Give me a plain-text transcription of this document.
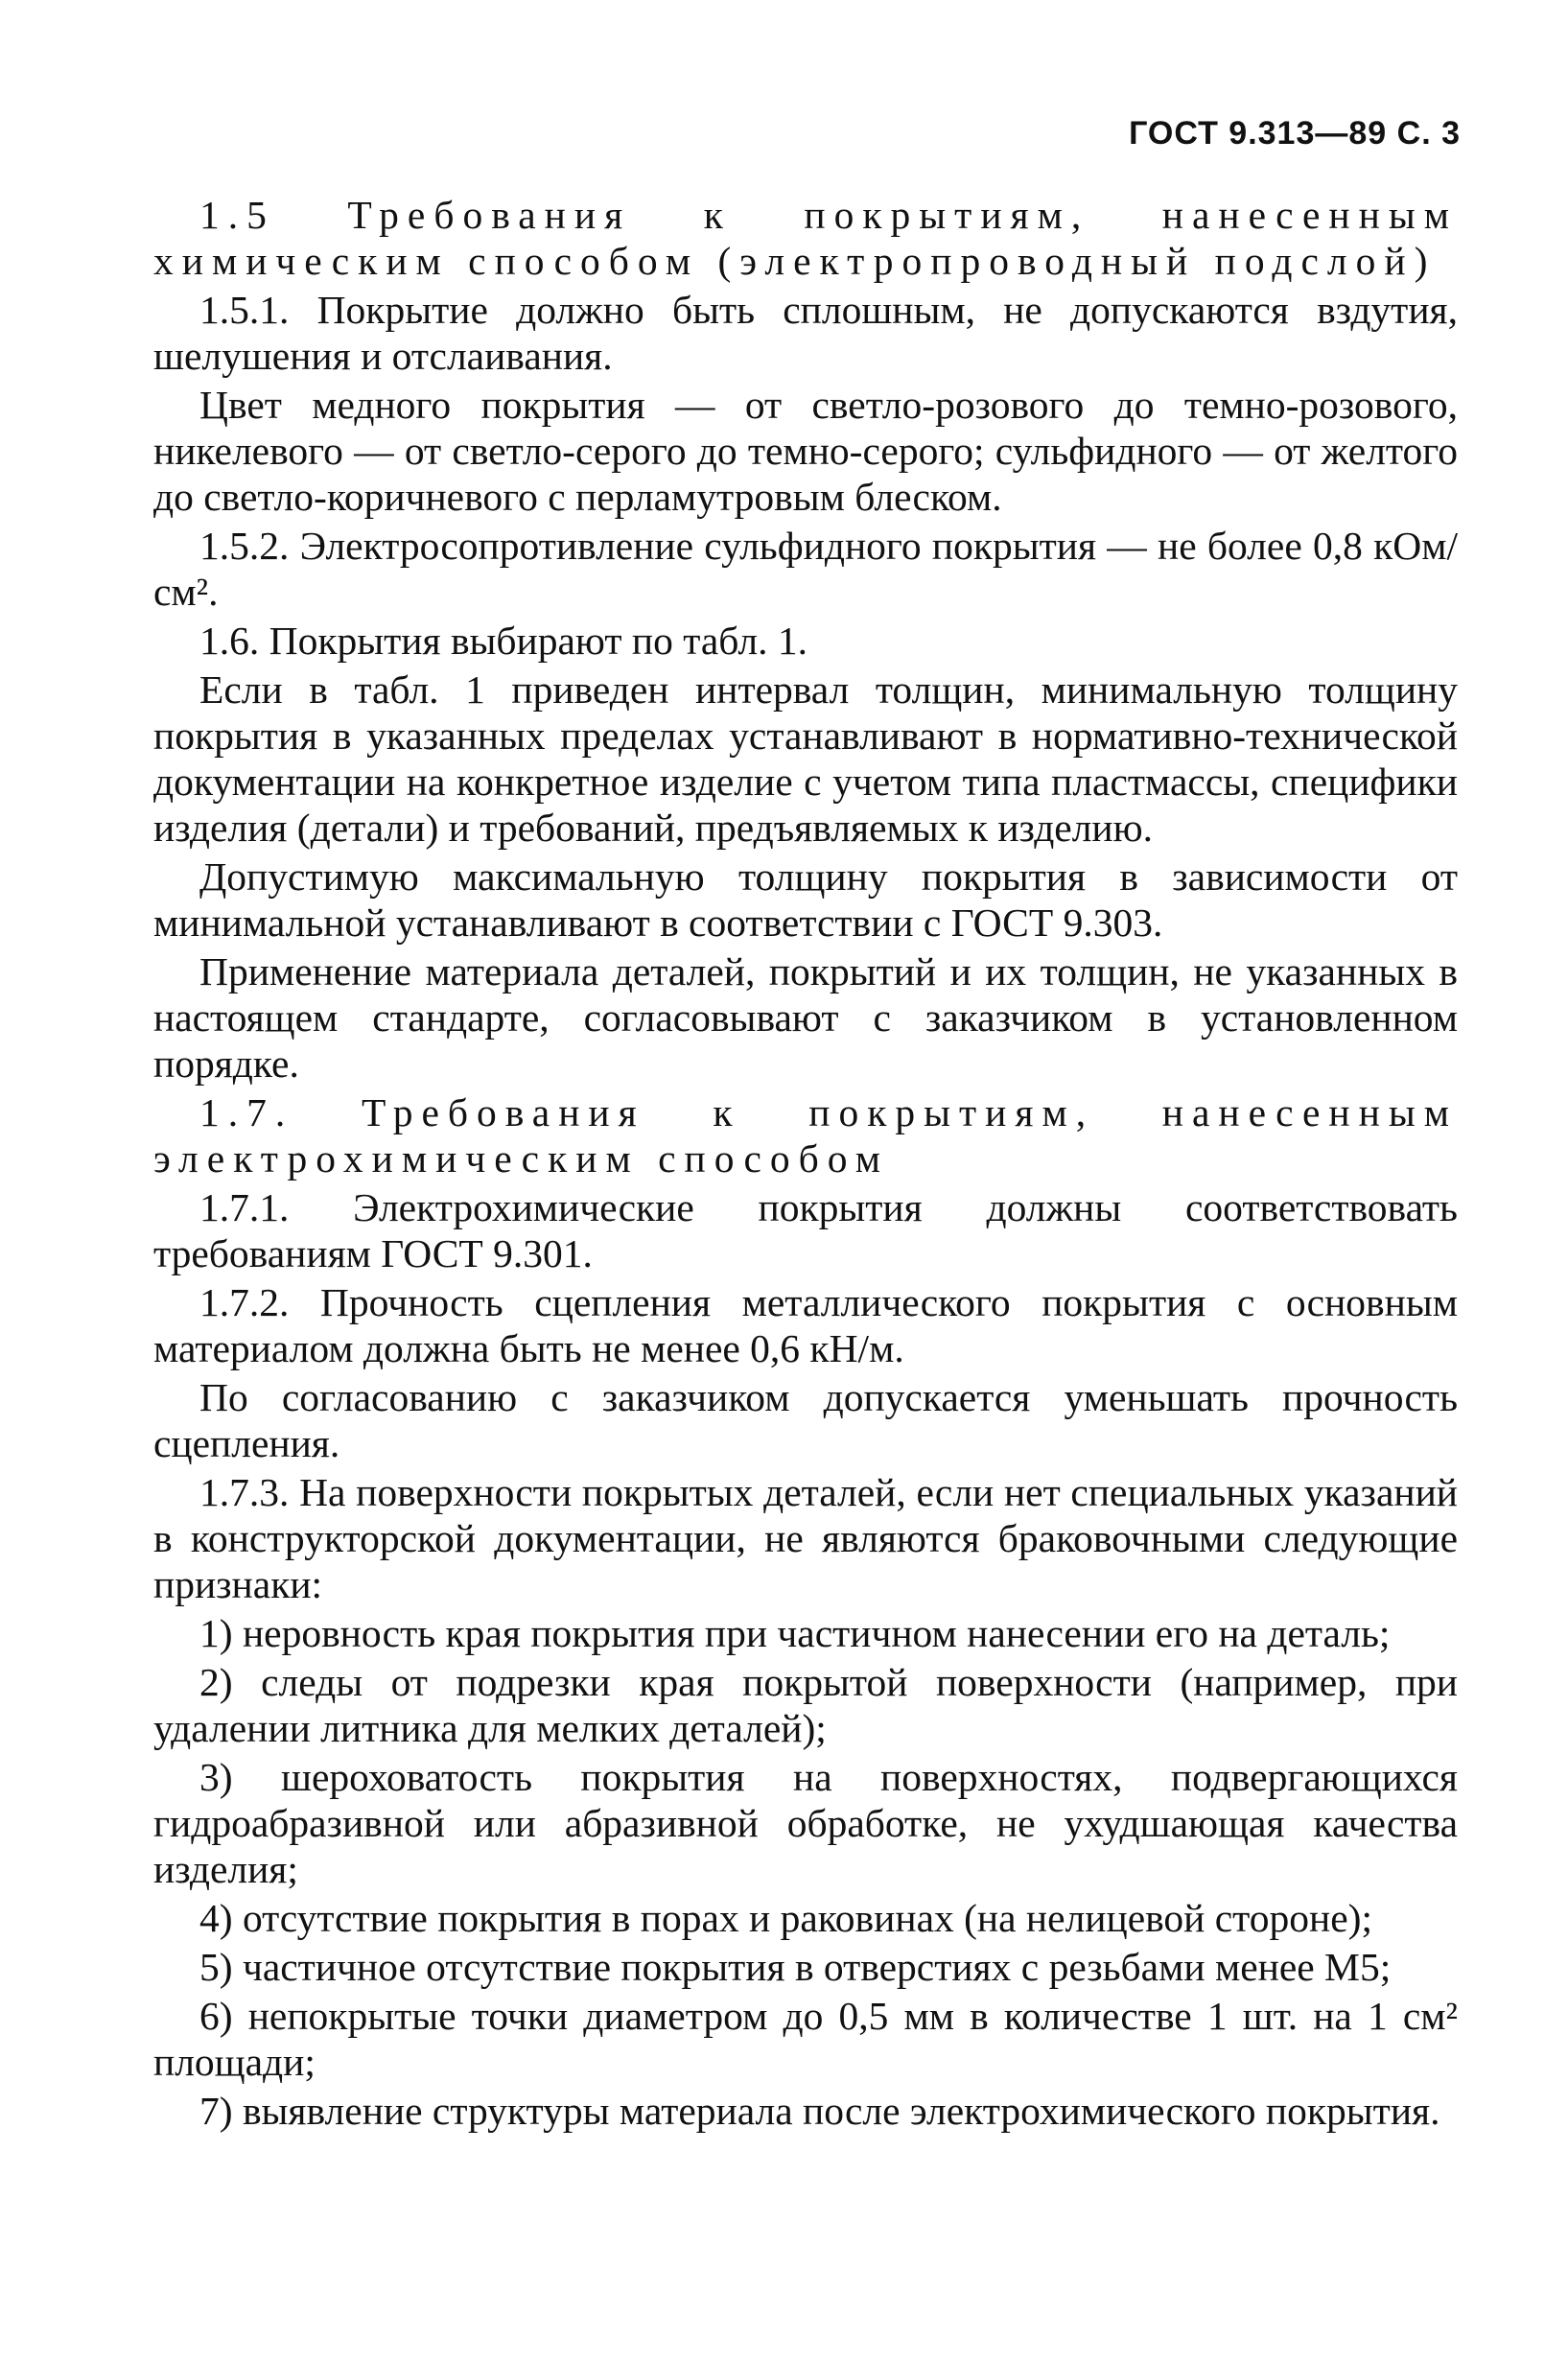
ГОСТ 9.313—89 С. 3

1.5 Требования к покрытиям, нанесенным химическим способом (электропроводный подслой)

1.5.1. Покрытие должно быть сплошным, не допускаются вздутия, шелушения и отслаивания.

Цвет медного покрытия — от светло-розового до темно-розового, никелевого — от светло-серого до темно-серого; сульфидного — от желтого до светло-коричневого с перламутровым блеском.

1.5.2. Электросопротивление сульфидного покрытия — не более 0,8 кОм/см².

1.6. Покрытия выбирают по табл. 1.

Если в табл. 1 приведен интервал толщин, минимальную толщину покрытия в указанных пределах устанавливают в нормативно-технической документации на конкретное изделие с учетом типа пластмассы, специфики изделия (детали) и требований, предъявляемых к изделию.

Допустимую максимальную толщину покрытия в зависимости от минимальной устанавливают в соответствии с ГОСТ 9.303.

Применение материала деталей, покрытий и их толщин, не указанных в настоящем стандарте, согласовывают с заказчиком в установленном порядке.

1.7. Требования к покрытиям, нанесенным электрохимическим способом

1.7.1. Электрохимические покрытия должны соответствовать требованиям ГОСТ 9.301.

1.7.2. Прочность сцепления металлического покрытия с основным материалом должна быть не менее 0,6 кН/м.

По согласованию с заказчиком допускается уменьшать прочность сцепления.

1.7.3. На поверхности покрытых деталей, если нет специальных указаний в конструкторской документации, не являются браковочными следующие признаки:

1) неровность края покрытия при частичном нанесении его на деталь;

2) следы от подрезки края покрытой поверхности (например, при удалении литника для мелких деталей);

3) шероховатость покрытия на поверхностях, подвергающихся гидроабразивной или абразивной обработке, не ухудшающая качества изделия;

4) отсутствие покрытия в порах и раковинах (на нелицевой стороне);

5) частичное отсутствие покрытия в отверстиях с резьбами менее М5;

6) непокрытые точки диаметром до 0,5 мм в количестве 1 шт. на 1 см² площади;

7) выявление структуры материала после электрохимического покрытия.
